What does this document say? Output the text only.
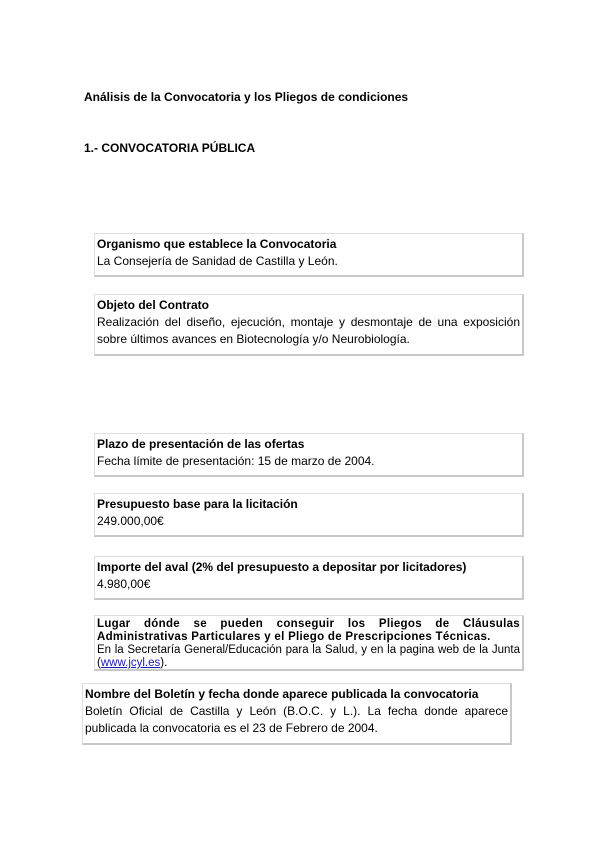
Análisis de la Convocatoria y los Pliegos de condiciones
1.- CONVOCATORIA PÚBLICA
Organismo que establece la Convocatoria
La Consejería de Sanidad de Castilla y León.
Objeto del Contrato
Realización del diseño, ejecución, montaje y desmontaje de una exposición sobre últimos avances en Biotecnología y/o Neurobiología.
Plazo de presentación de las ofertas
Fecha límite de presentación: 15 de marzo de 2004.
Presupuesto base para la licitación
249.000,00€
Importe del aval (2% del presupuesto a depositar por licitadores)
4.980,00€
Lugar dónde se pueden conseguir los Pliegos de Cláusulas Administrativas Particulares y el Pliego de Prescripciones Técnicas.
En la Secretaría General/Educación para la Salud, y en la pagina web de la Junta (www.jcyl.es).
Nombre del Boletín y fecha donde aparece publicada la convocatoria
Boletín Oficial de Castilla y León (B.O.C. y L.). La fecha donde aparece publicada la convocatoria es el 23 de Febrero de 2004.
